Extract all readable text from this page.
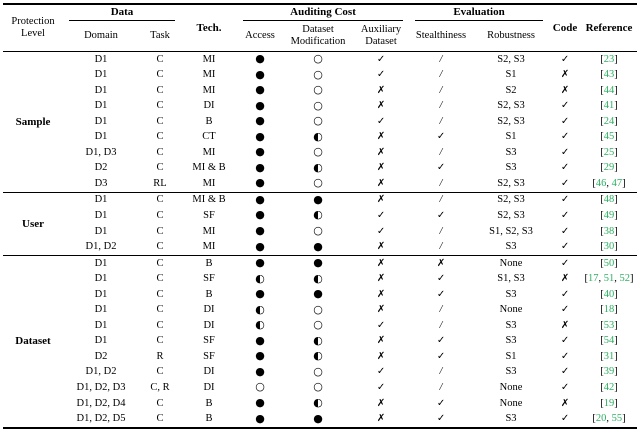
Protection Level	Data		Tech.	Auditing Cost			Evaluation		Code	Reference
	Domain	Task		Access	Dataset Modification	Auxiliary Dataset	Stealthiness	Robustness		
Sample	D1	C	MI	●	○	✓	/	S2, S3	✓	[23]
	D1	C	MI	●	○	✓	/	S1	✗	[43]
	D1	C	MI	●	○	✗	/	S2	✗	[44]
	D1	C	DI	●	○	✗	/	S2, S3	✓	[41]
	D1	C	B	●	○	✓	/	S2, S3	✓	[24]
	D1	C	CT	●	◐	✗	✓	S1	✓	[45]
	D1, D3	C	MI	●	○	✗	/	S3	✓	[25]
	D2	C	MI & B	●	◐	✗	✓	S3	✓	[29]
	D3	RL	MI	●	○	✗	/	S2, S3	✓	[46, 47]
User	D1	C	MI & B	●	●	✗	/	S2, S3	✓	[48]
	D1	C	SF	●	◐	✓	✓	S2, S3	✓	[49]
	D1	C	MI	●	○	✓	/	S1, S2, S3	✓	[38]
	D1, D2	C	MI	●	●	✗	/	S3	✓	[30]
Dataset	D1	C	B	●	●	✗	✗	None	✓	[50]
	D1	C	SF	◐	◐	✗	✓	S1, S3	✗	[17, 51, 52]
	D1	C	B	●	●	✗	✓	S3	✓	[40]
	D1	C	DI	◐	○	✗	/	None	✓	[18]
	D1	C	DI	◐	○	✓	/	S3	✗	[53]
	D1	C	SF	●	◐	✗	✓	S3	✓	[54]
	D2	R	SF	●	◐	✗	✓	S1	✓	[31]
	D1, D2	C	DI	●	○	✓	/	S3	✓	[39]
	D1, D2, D3	C, R	DI	○	○	✓	/	None	✓	[42]
	D1, D2, D4	C	B	●	◐	✗	✓	None	✗	[19]
	D1, D2, D5	C	B	●	●	✗	✓	S3	✓	[20, 55]
